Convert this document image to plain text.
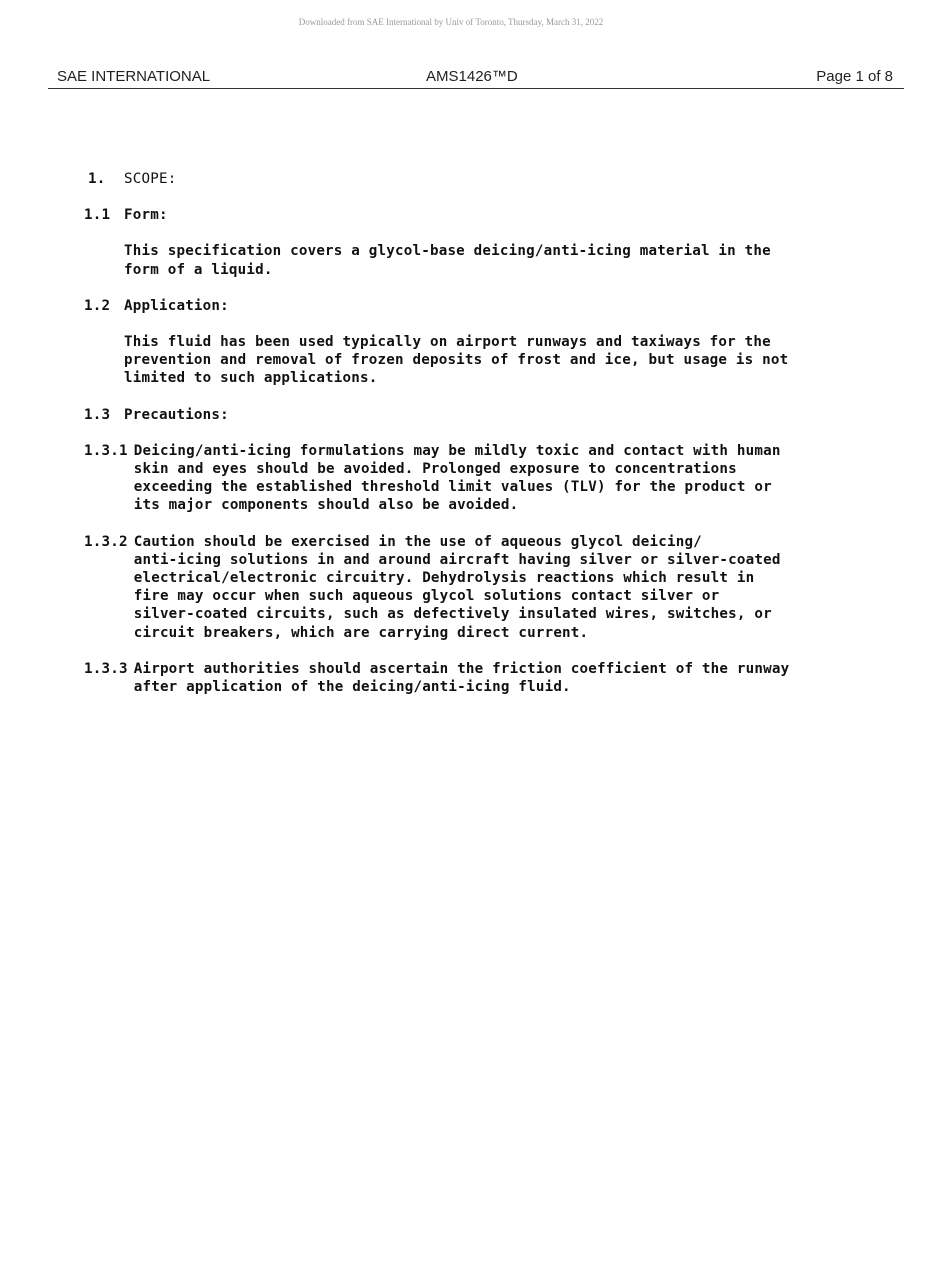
Downloaded from SAE International by Univ of Toronto, Thursday, March 31, 2022
SAE INTERNATIONAL	AMS1426™D	Page 1 of 8
1. SCOPE:
1.1 Form:
This specification covers a glycol-base deicing/anti-icing material in the
form of a liquid.
1.2 Application:
This fluid has been used typically on airport runways and taxiways for the
prevention and removal of frozen deposits of frost and ice, but usage is not
limited to such applications.
1.3 Precautions:
1.3.1 Deicing/anti-icing formulations may be mildly toxic and contact with human
skin and eyes should be avoided. Prolonged exposure to concentrations
exceeding the established threshold limit values (TLV) for the product or
its major components should also be avoided.
1.3.2 Caution should be exercised in the use of aqueous glycol deicing/
anti-icing solutions in and around aircraft having silver or silver-coated
electrical/electronic circuitry. Dehydrolysis reactions which result in
fire may occur when such aqueous glycol solutions contact silver or
silver-coated circuits, such as defectively insulated wires, switches, or
circuit breakers, which are carrying direct current.
1.3.3 Airport authorities should ascertain the friction coefficient of the runway
after application of the deicing/anti-icing fluid.
